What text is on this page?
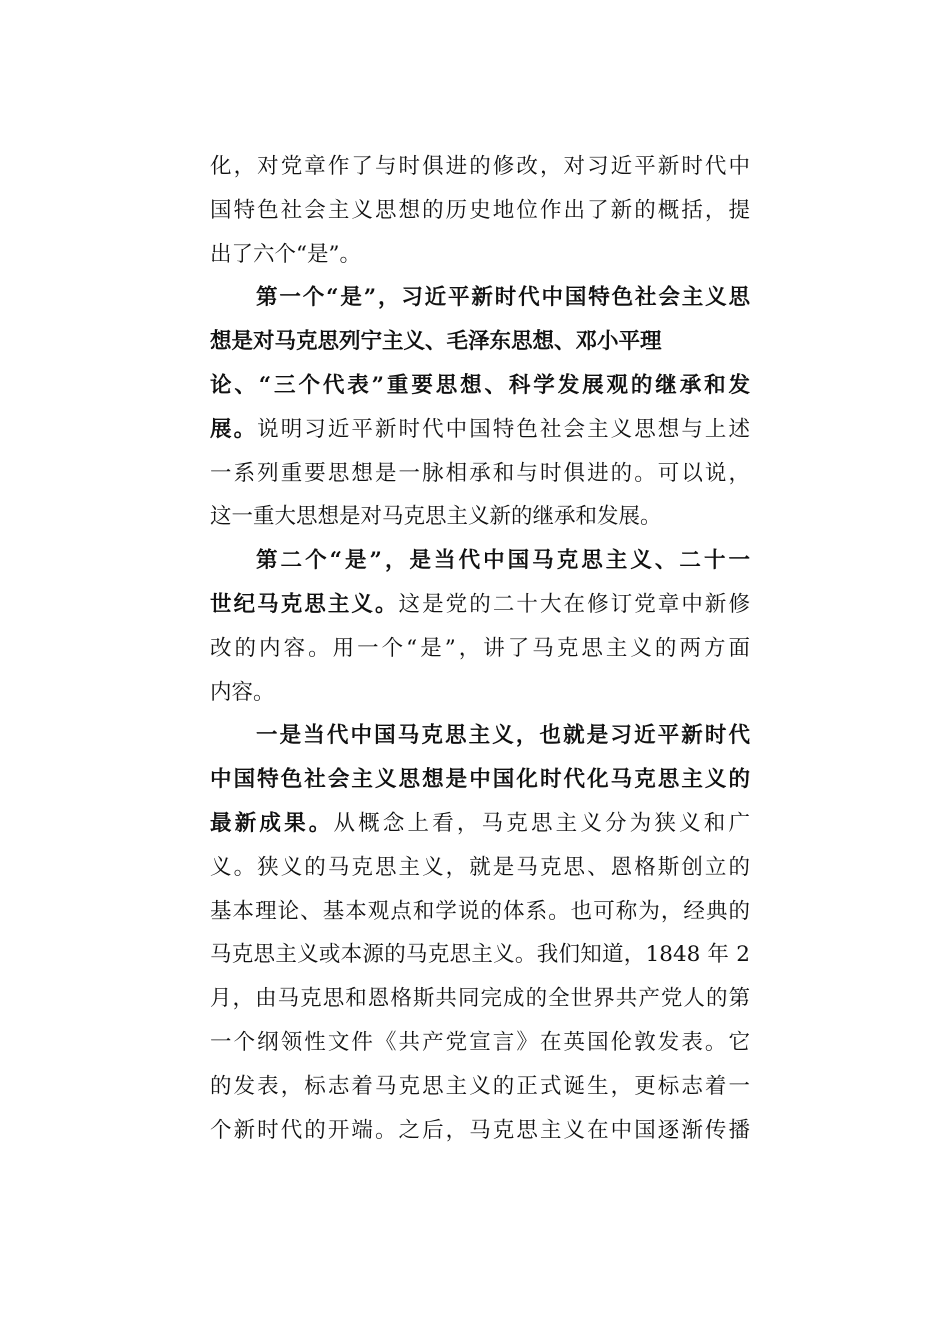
化，对党章作了与时俱进的修改，对习近平新时代中
国特色社会主义思想的历史地位作出了新的概括，提
出了六个“是”。
第一个“是”，习近平新时代中国特色社会主义思
想是对马克思列宁主义、毛泽东思想、邓小平理
论、“三个代表”重要思想、科学发展观的继承和发
展。说明习近平新时代中国特色社会主义思想与上述
一系列重要思想是一脉相承和与时俱进的。可以说，
这一重大思想是对马克思主义新的继承和发展。
第二个“是”，是当代中国马克思主义、二十一
世纪马克思主义。这是党的二十大在修订党章中新修
改的内容。用一个“是”，讲了马克思主义的两方面
内容。
一是当代中国马克思主义，也就是习近平新时代
中国特色社会主义思想是中国化时代化马克思主义的
最新成果。从概念上看，马克思主义分为狭义和广
义。狭义的马克思主义，就是马克思、恩格斯创立的
基本理论、基本观点和学说的体系。也可称为，经典的
马克思主义或本源的马克思主义。我们知道，1848 年 2
月，由马克思和恩格斯共同完成的全世界共产党人的第
一个纲领性文件《共产党宣言》在英国伦敦发表。它
的发表，标志着马克思主义的正式诞生，更标志着一
个新时代的开端。之后，马克思主义在中国逐渐传播
